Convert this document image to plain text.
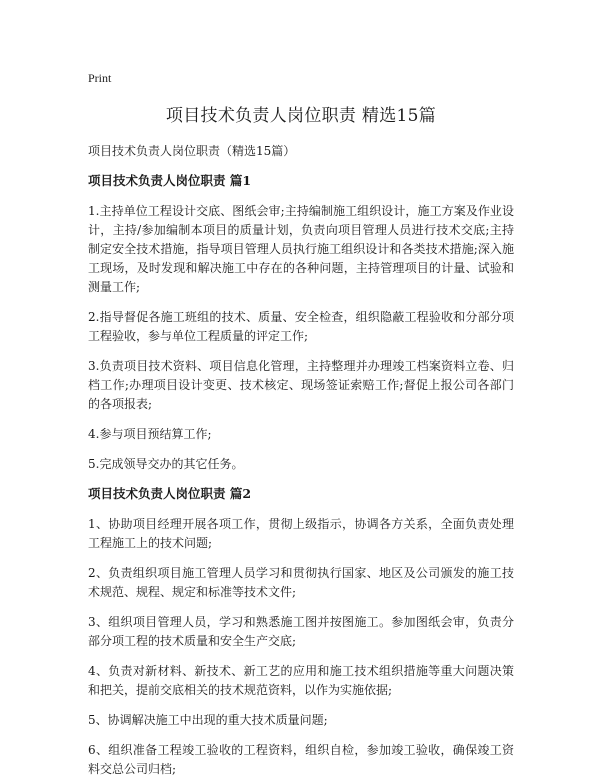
Print
项目技术负责人岗位职责 精选15篇

项目技术负责人岗位职责（精选15篇）

项目技术负责人岗位职责 篇1

1.主持单位工程设计交底、图纸会审;主持编制施工组织设计，施工方案及作业设计，主持/参加编制本项目的质量计划，负责向项目管理人员进行技术交底;主持制定安全技术措施，指导项目管理人员执行施工组织设计和各类技术措施;深入施工现场，及时发现和解决施工中存在的各种问题，主持管理项目的计量、试验和测量工作;

2.指导督促各施工班组的技术、质量、安全检查，组织隐蔽工程验收和分部分项工程验收，参与单位工程质量的评定工作;

3.负责项目技术资料、项目信息化管理，主持整理并办理竣工档案资料立卷、归档工作;办理项目设计变更、技术核定、现场签证索赔工作;督促上报公司各部门的各项报表;

4.参与项目预结算工作;

5.完成领导交办的其它任务。

项目技术负责人岗位职责 篇2

1、协助项目经理开展各项工作，贯彻上级指示，协调各方关系，全面负责处理工程施工上的技术问题;

2、负责组织项目施工管理人员学习和贯彻执行国家、地区及公司颁发的施工技术规范、规程、规定和标准等技术文件;

3、组织项目管理人员，学习和熟悉施工图并按图施工。参加图纸会审，负责分部分项工程的技术质量和安全生产交底;

4、负责对新材料、新技术、新工艺的应用和施工技术组织措施等重大问题决策和把关，提前交底相关的技术规范资料，以作为实施依据;

5、协调解决施工中出现的重大技术质量问题;

6、组织准备工程竣工验收的工程资料，组织自检，参加竣工验收，确保竣工资料交总公司归档;
